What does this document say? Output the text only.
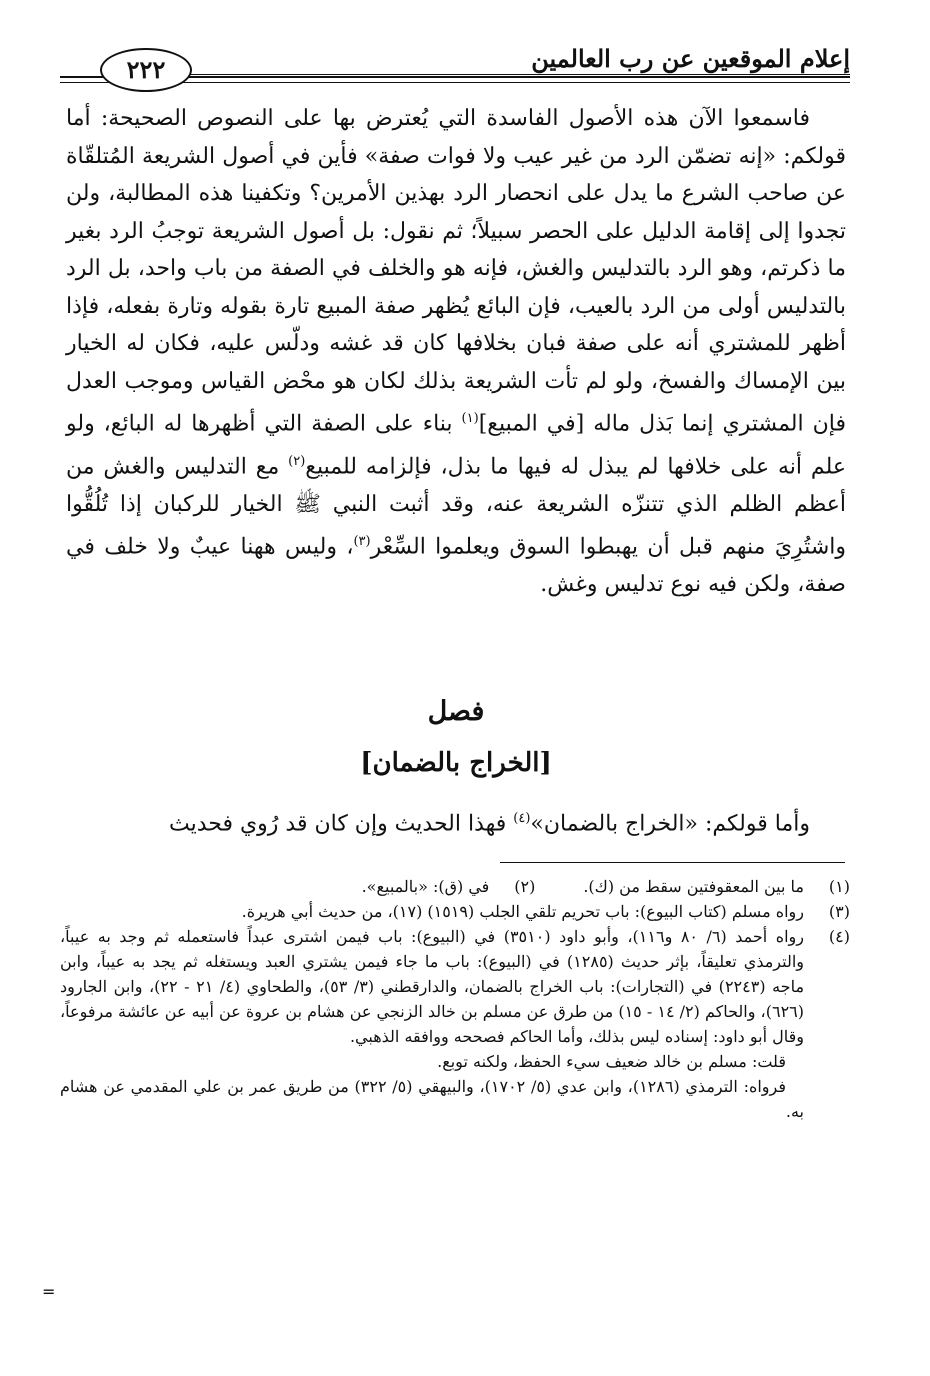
إعلام الموقعين عن رب العالمين
٢٢٢

فاسمعوا الآن هذه الأصول الفاسدة التي يُعترض بها على النصوص الصحيحة: أما قولكم: «إنه تضمّن الرد من غير عيب ولا فوات صفة» فأين في أصول الشريعة المُتلقّاة عن صاحب الشرع ما يدل على انحصار الرد بهذين الأمرين؟ وتكفينا هذه المطالبة، ولن تجدوا إلى إقامة الدليل على الحصر سبيلاً؛ ثم نقول: بل أصول الشريعة توجبُ الرد بغير ما ذكرتم، وهو الرد بالتدليس والغش، فإنه هو والخلف في الصفة من باب واحد، بل الرد بالتدليس أولى من الرد بالعيب، فإن البائع يُظهر صفة المبيع تارة بقوله وتارة بفعله، فإذا أظهر للمشتري أنه على صفة فبان بخلافها كان قد غشه ودلّس عليه، فكان له الخيار بين الإمساك والفسخ، ولو لم تأت الشريعة بذلك لكان هو محْض القياس وموجب العدل فإن المشتري إنما بَذل ماله [في المبيع]$^{(١)}$ بناء على الصفة التي أظهرها له البائع، ولو علم أنه على خلافها لم يبذل له فيها ما بذل، فإلزامه للمبيع$^{(٢)}$ مع التدليس والغش من أعظم الظلم الذي تتنزّه الشريعة عنه، وقد أثبت النبي ﷺ الخيار للركبان إذا تُلُقُّوا واشتُرِيَ منهم قبل أن يهبطوا السوق ويعلموا السِّعْر$^{(٣)}$، وليس ههنا عيبٌ ولا خلف في صفة، ولكن فيه نوع تدليس وغش.

فصل
[الخراج بالضمان]

وأما قولكم: «الخراج بالضمان»$^{(٤)}$ فهذا الحديث وإن كان قد رُوي فحديث

(١)
ما بين المعقوفتين سقط من (ك).
(٢)
في (ق): «بالمبيع».
(٣)
رواه مسلم (كتاب البيوع): باب تحريم تلقي الجلب (١٥١٩) (١٧)، من حديث أبي هريرة.
(٤)
رواه أحمد (٦/ ٨٠ و١١٦)، وأبو داود (٣٥١٠) في (البيوع): باب فيمن اشترى عبداً فاستعمله ثم وجد به عيباً، والترمذي تعليقاً، بإثر حديث (١٢٨٥) في (البيوع): باب ما جاء فيمن يشتري العبد ويستغله ثم يجد به عيباً، وابن ماجه (٢٢٤٣) في (التجارات): باب الخراج بالضمان، والدارقطني (٣/ ٥٣)، والطحاوي (٤/ ٢١ - ٢٢)، وابن الجارود (٦٢٦)، والحاكم (٢/ ١٤ - ١٥) من طرق عن مسلم بن خالد الزنجي عن هشام بن عروة عن أبيه عن عائشة مرفوعاً، وقال أبو داود: إسناده ليس بذلك، وأما الحاكم فصححه ووافقه الذهبي.
قلت: مسلم بن خالد ضعيف سيء الحفظ، ولكنه توبع.
فرواه: الترمذي (١٢٨٦)، وابن عدي (٥/ ١٧٠٢)، والبيهقي (٥/ ٣٢٢) من طريق عمر بن علي المقدمي عن هشام به.
=
